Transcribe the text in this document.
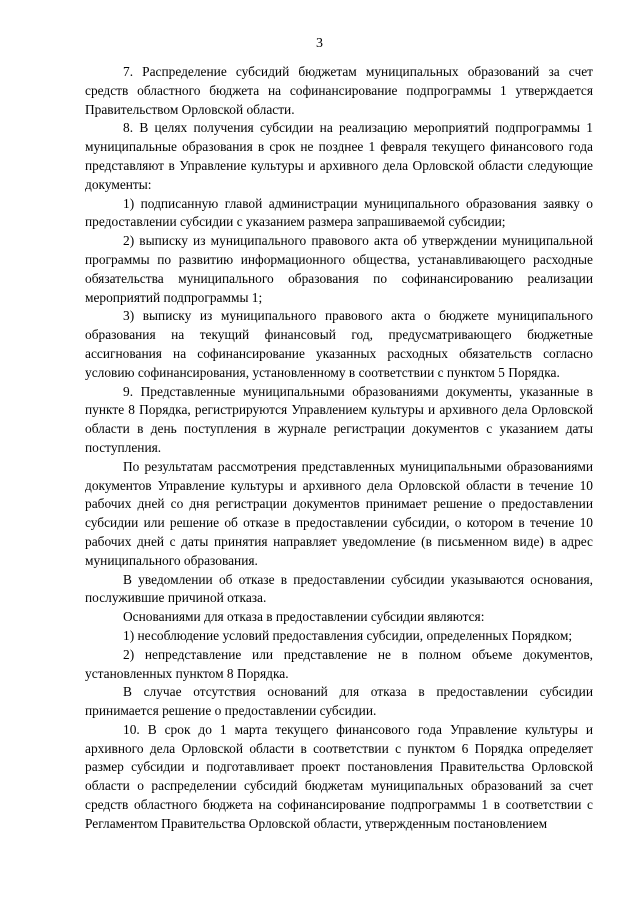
3

7. Распределение субсидий бюджетам муниципальных образований за счет средств областного бюджета на софинансирование подпрограммы 1 утверждается Правительством Орловской области.

8. В целях получения субсидии на реализацию мероприятий подпрограммы 1 муниципальные образования в срок не позднее 1 февраля текущего финансового года представляют в Управление культуры и архивного дела Орловской области следующие документы:

1) подписанную главой администрации муниципального образования заявку о предоставлении субсидии с указанием размера запрашиваемой субсидии;

2) выписку из муниципального правового акта об утверждении муниципальной программы по развитию информационного общества, устанавливающего расходные обязательства муниципального образования по софинансированию реализации мероприятий подпрограммы 1;

3) выписку из муниципального правового акта о бюджете муниципального образования на текущий финансовый год, предусматривающего бюджетные ассигнования на софинансирование указанных расходных обязательств согласно условию софинансирования, установленному в соответствии с пунктом 5 Порядка.

9. Представленные муниципальными образованиями документы, указанные в пункте 8 Порядка, регистрируются Управлением культуры и архивного дела Орловской области в день поступления в журнале регистрации документов с указанием даты поступления.

По результатам рассмотрения представленных муниципальными образованиями документов Управление культуры и архивного дела Орловской области в течение 10 рабочих дней со дня регистрации документов принимает решение о предоставлении субсидии или решение об отказе в предоставлении субсидии, о котором в течение 10 рабочих дней с даты принятия направляет уведомление (в письменном виде) в адрес муниципального образования.

В уведомлении об отказе в предоставлении субсидии указываются основания, послужившие причиной отказа.

Основаниями для отказа в предоставлении субсидии являются:

1) несоблюдение условий предоставления субсидии, определенных Порядком;

2) непредставление или представление не в полном объеме документов, установленных пунктом 8 Порядка.

В случае отсутствия оснований для отказа в предоставлении субсидии принимается решение о предоставлении субсидии.

10. В срок до 1 марта текущего финансового года Управление культуры и архивного дела Орловской области в соответствии с пунктом 6 Порядка определяет размер субсидии и подготавливает проект постановления Правительства Орловской области о распределении субсидий бюджетам муниципальных образований за счет средств областного бюджета на софинансирование подпрограммы 1 в соответствии с Регламентом Правительства Орловской области, утвержденным постановлением
